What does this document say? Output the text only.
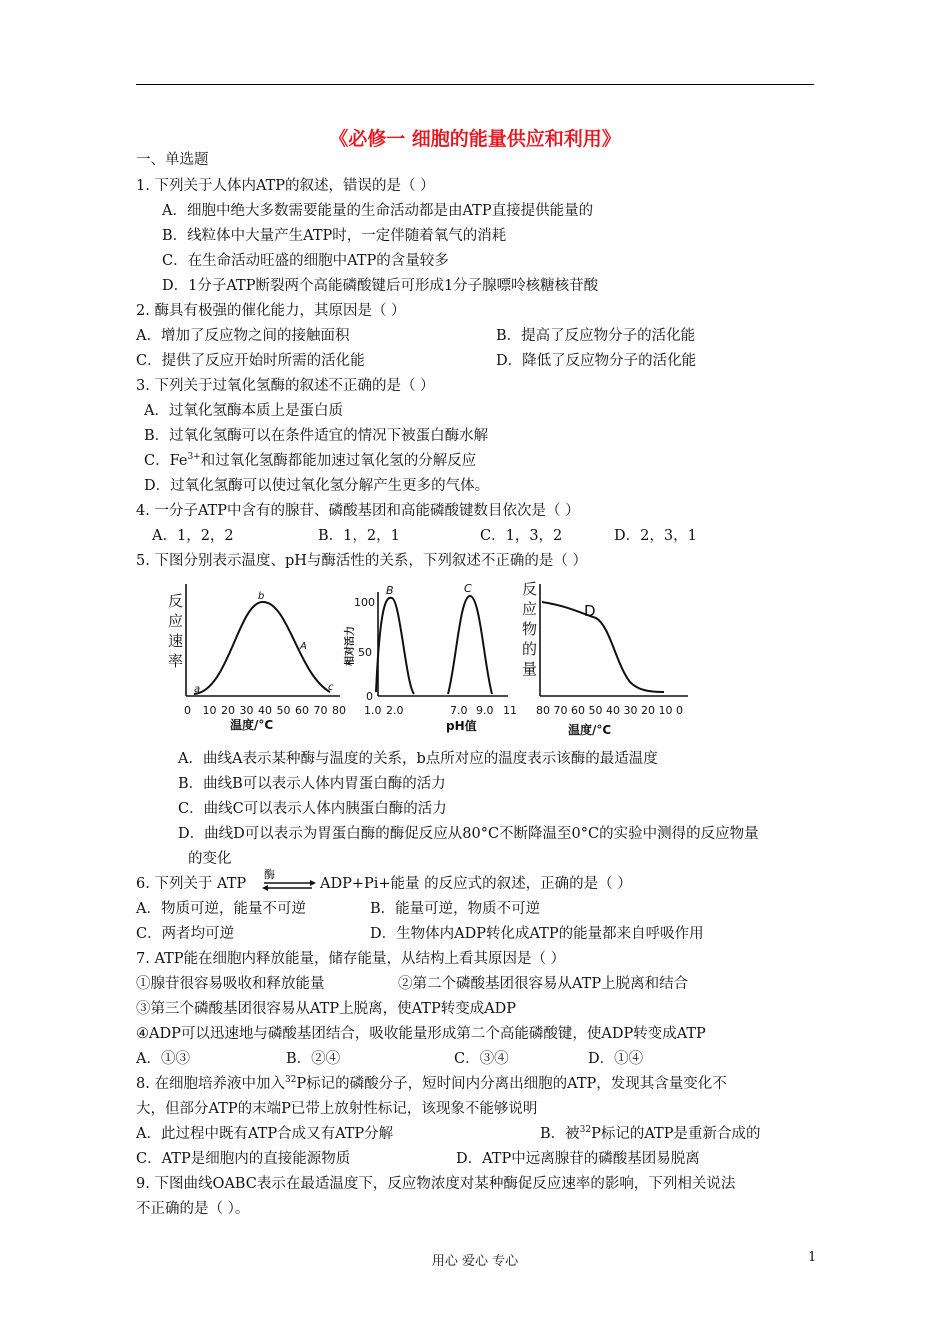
《必修一 细胞的能量供应和利用》
一、单选题
1. 下列关于人体内ATP的叙述，错误的是（ ）
A．细胞中绝大多数需要能量的生命活动都是由ATP直接提供能量的
B．线粒体中大量产生ATP时，一定伴随着氧气的消耗
C．在生命活动旺盛的细胞中ATP的含量较多
D．1分子ATP断裂两个高能磷酸键后可形成1分子腺嘌呤核糖核苷酸
2. 酶具有极强的催化能力，其原因是（ ）
A．增加了反应物之间的接触面积	B．提高了反应物分子的活化能
C．提供了反应开始时所需的活化能	D．降低了反应物分子的活化能
3. 下列关于过氧化氢酶的叙述不正确的是（ ）
A．过氧化氢酶本质上是蛋白质
B．过氧化氢酶可以在条件适宜的情况下被蛋白酶水解
C．$Fe^{3+}$和过氧化氢酶都能加速过氧化氢的分解反应
D．过氧化氢酶可以使过氧化氢分解产生更多的气体。
4. 一分子ATP中含有的腺苷、磷酸基团和高能磷酸键数目依次是（ ）
A．1，2，2	B．1，2，1	C．1，3，2	D．2，3，1
5. 下图分别表示温度、pH与酶活性的关系，下列叙述不正确的是（ ）
反
应
速
率
a
b
A
c
0 10 20 30 40 50 60 70 80
温度/°C
相对活力
100
50
0
B	C
1.0 2.0	7.0 9.0 11
pH值
反
应
物
的
量
D
80 70 60 50 40 30 20 10 0
温度/°C
A．曲线A表示某种酶与温度的关系，b点所对应的温度表示该酶的最适温度
B．曲线B可以表示人体内胃蛋白酶的活力
C．曲线C可以表示人体内胰蛋白酶的活力
D．曲线D可以表示为胃蛋白酶的酶促反应从80°C不断降温至0°C的实验中测得的反应物量
的变化
6. 下列关于 ATP
酶
ADP+Pi+能量 的反应式的叙述，正确的是（ ）
A．物质可逆，能量不可逆	B．能量可逆，物质不可逆
C．两者均可逆	D．生物体内ADP转化成ATP的能量都来自呼吸作用
7. ATP能在细胞内释放能量，储存能量，从结构上看其原因是（ ）
①腺苷很容易吸收和释放能量	②第二个磷酸基团很容易从ATP上脱离和结合
③第三个磷酸基团很容易从ATP上脱离，使ATP转变成ADP
④ADP可以迅速地与磷酸基团结合，吸收能量形成第二个高能磷酸键，使ADP转变成ATP
A．①③	B．②④	C．③④	D．①④
8. 在细胞培养液中加入$^{32}$P标记的磷酸分子，短时间内分离出细胞的ATP，发现其含量变化不
大，但部分ATP的末端P已带上放射性标记，该现象不能够说明
A．此过程中既有ATP合成又有ATP分解	B．被$^{32}$P标记的ATP是重新合成的
C．ATP是细胞内的直接能源物质	D．ATP中远离腺苷的磷酸基团易脱离
9. 下图曲线OABC表示在最适温度下，反应物浓度对某种酶促反应速率的影响，下列相关说法
不正确的是（ ）。
用心 爱心 专心	1
